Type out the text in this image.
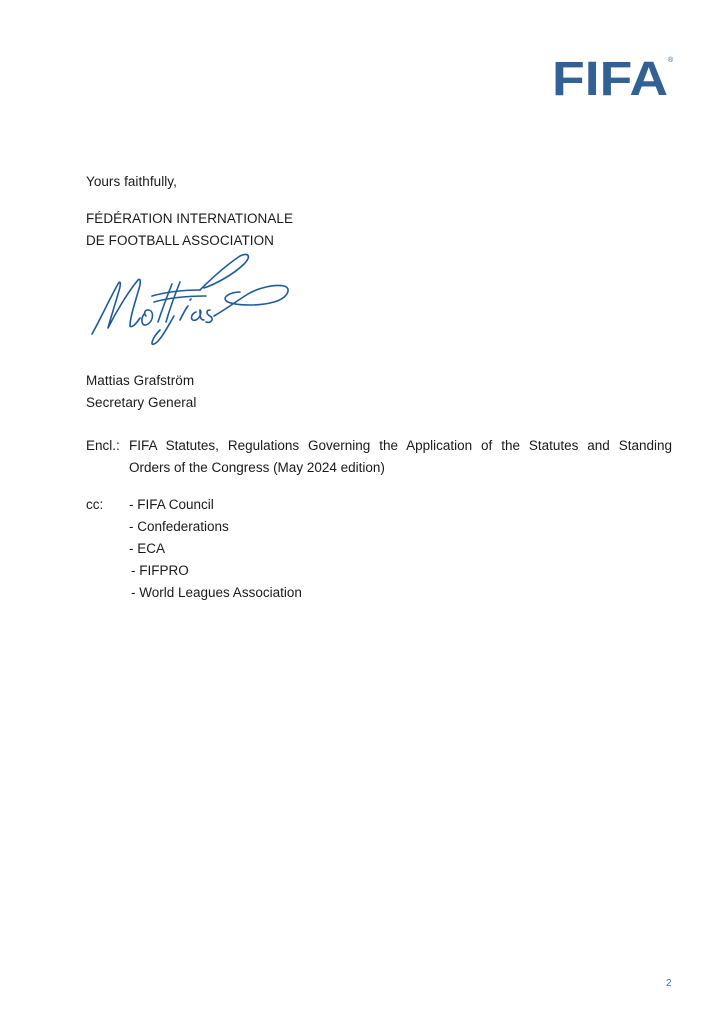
FIFA ®
Yours faithfully,
FÉDÉRATION INTERNATIONALE
DE FOOTBALL ASSOCIATION
Mattias Grafström
Secretary General
Encl.: FIFA Statutes, Regulations Governing the Application of the Statutes and Standing
Orders of the Congress (May 2024 edition)
cc: - FIFA Council
- Confederations
- ECA
- FIFPRO
- World Leagues Association
2
